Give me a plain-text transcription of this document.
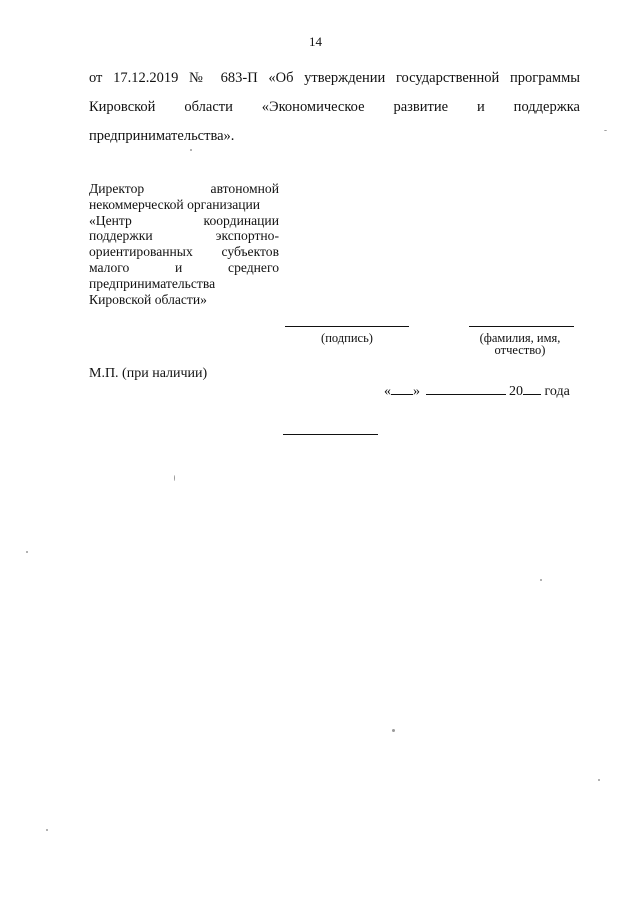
14
от 17.12.2019 № 683-П «Об утверждении государственной программы
Кировской области «Экономическое развитие и поддержка
предпринимательства».
Директор автономной
некоммерческой организации
«Центр координации
поддержки экспортно-
ориентированных субъектов
малого и среднего
предпринимательства
Кировской области»
(подпись)	(фамилия, имя,
отчество)
М.П. (при наличии)
« »	20 года
